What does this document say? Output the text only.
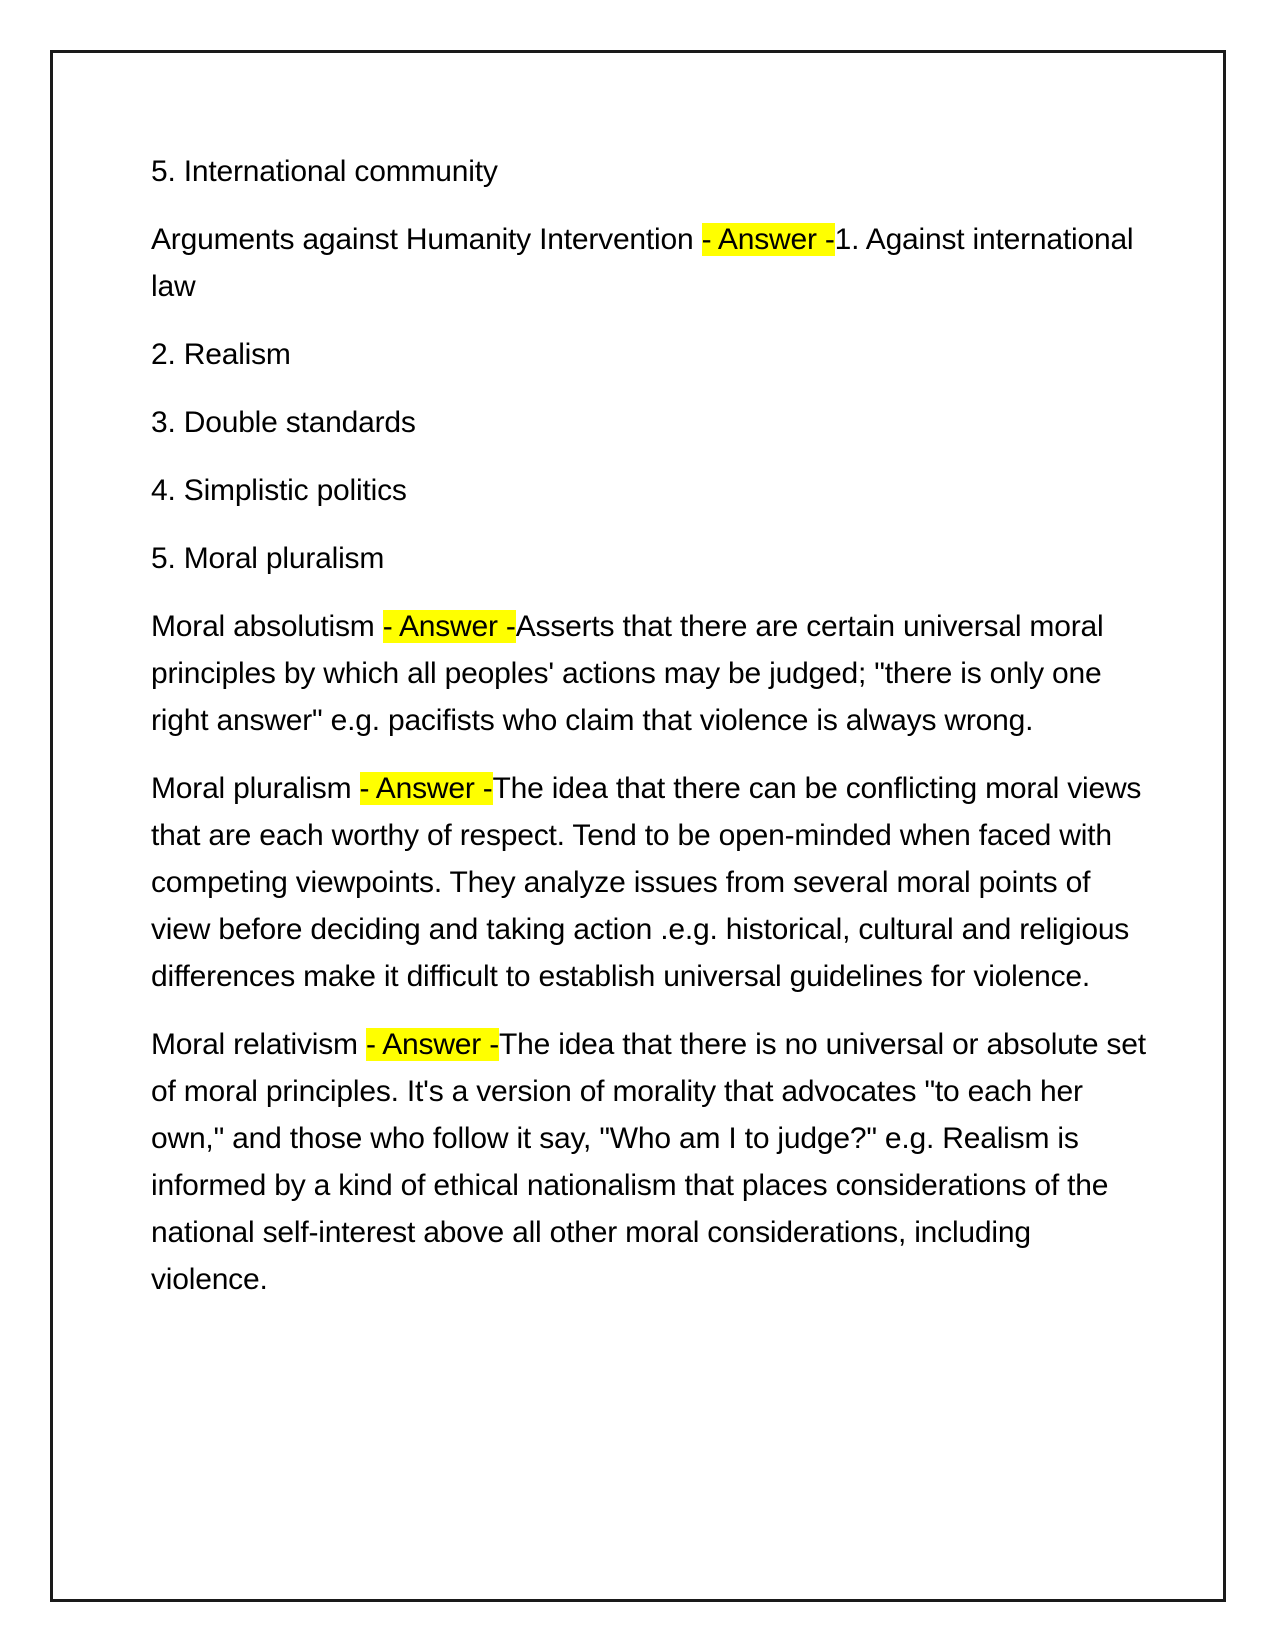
5. International community

Arguments against Humanity Intervention - Answer -1. Against international law

2. Realism

3. Double standards

4. Simplistic politics

5. Moral pluralism

Moral absolutism - Answer -Asserts that there are certain universal moral principles by which all peoples' actions may be judged; "there is only one right answer" e.g. pacifists who claim that violence is always wrong.

Moral pluralism - Answer -The idea that there can be conflicting moral views that are each worthy of respect. Tend to be open-minded when faced with competing viewpoints. They analyze issues from several moral points of view before deciding and taking action .e.g. historical, cultural and religious differences make it difficult to establish universal guidelines for violence.

Moral relativism - Answer -The idea that there is no universal or absolute set of moral principles. It's a version of morality that advocates "to each her own," and those who follow it say, "Who am I to judge?" e.g. Realism is informed by a kind of ethical nationalism that places considerations of the national self-interest above all other moral considerations, including violence.
